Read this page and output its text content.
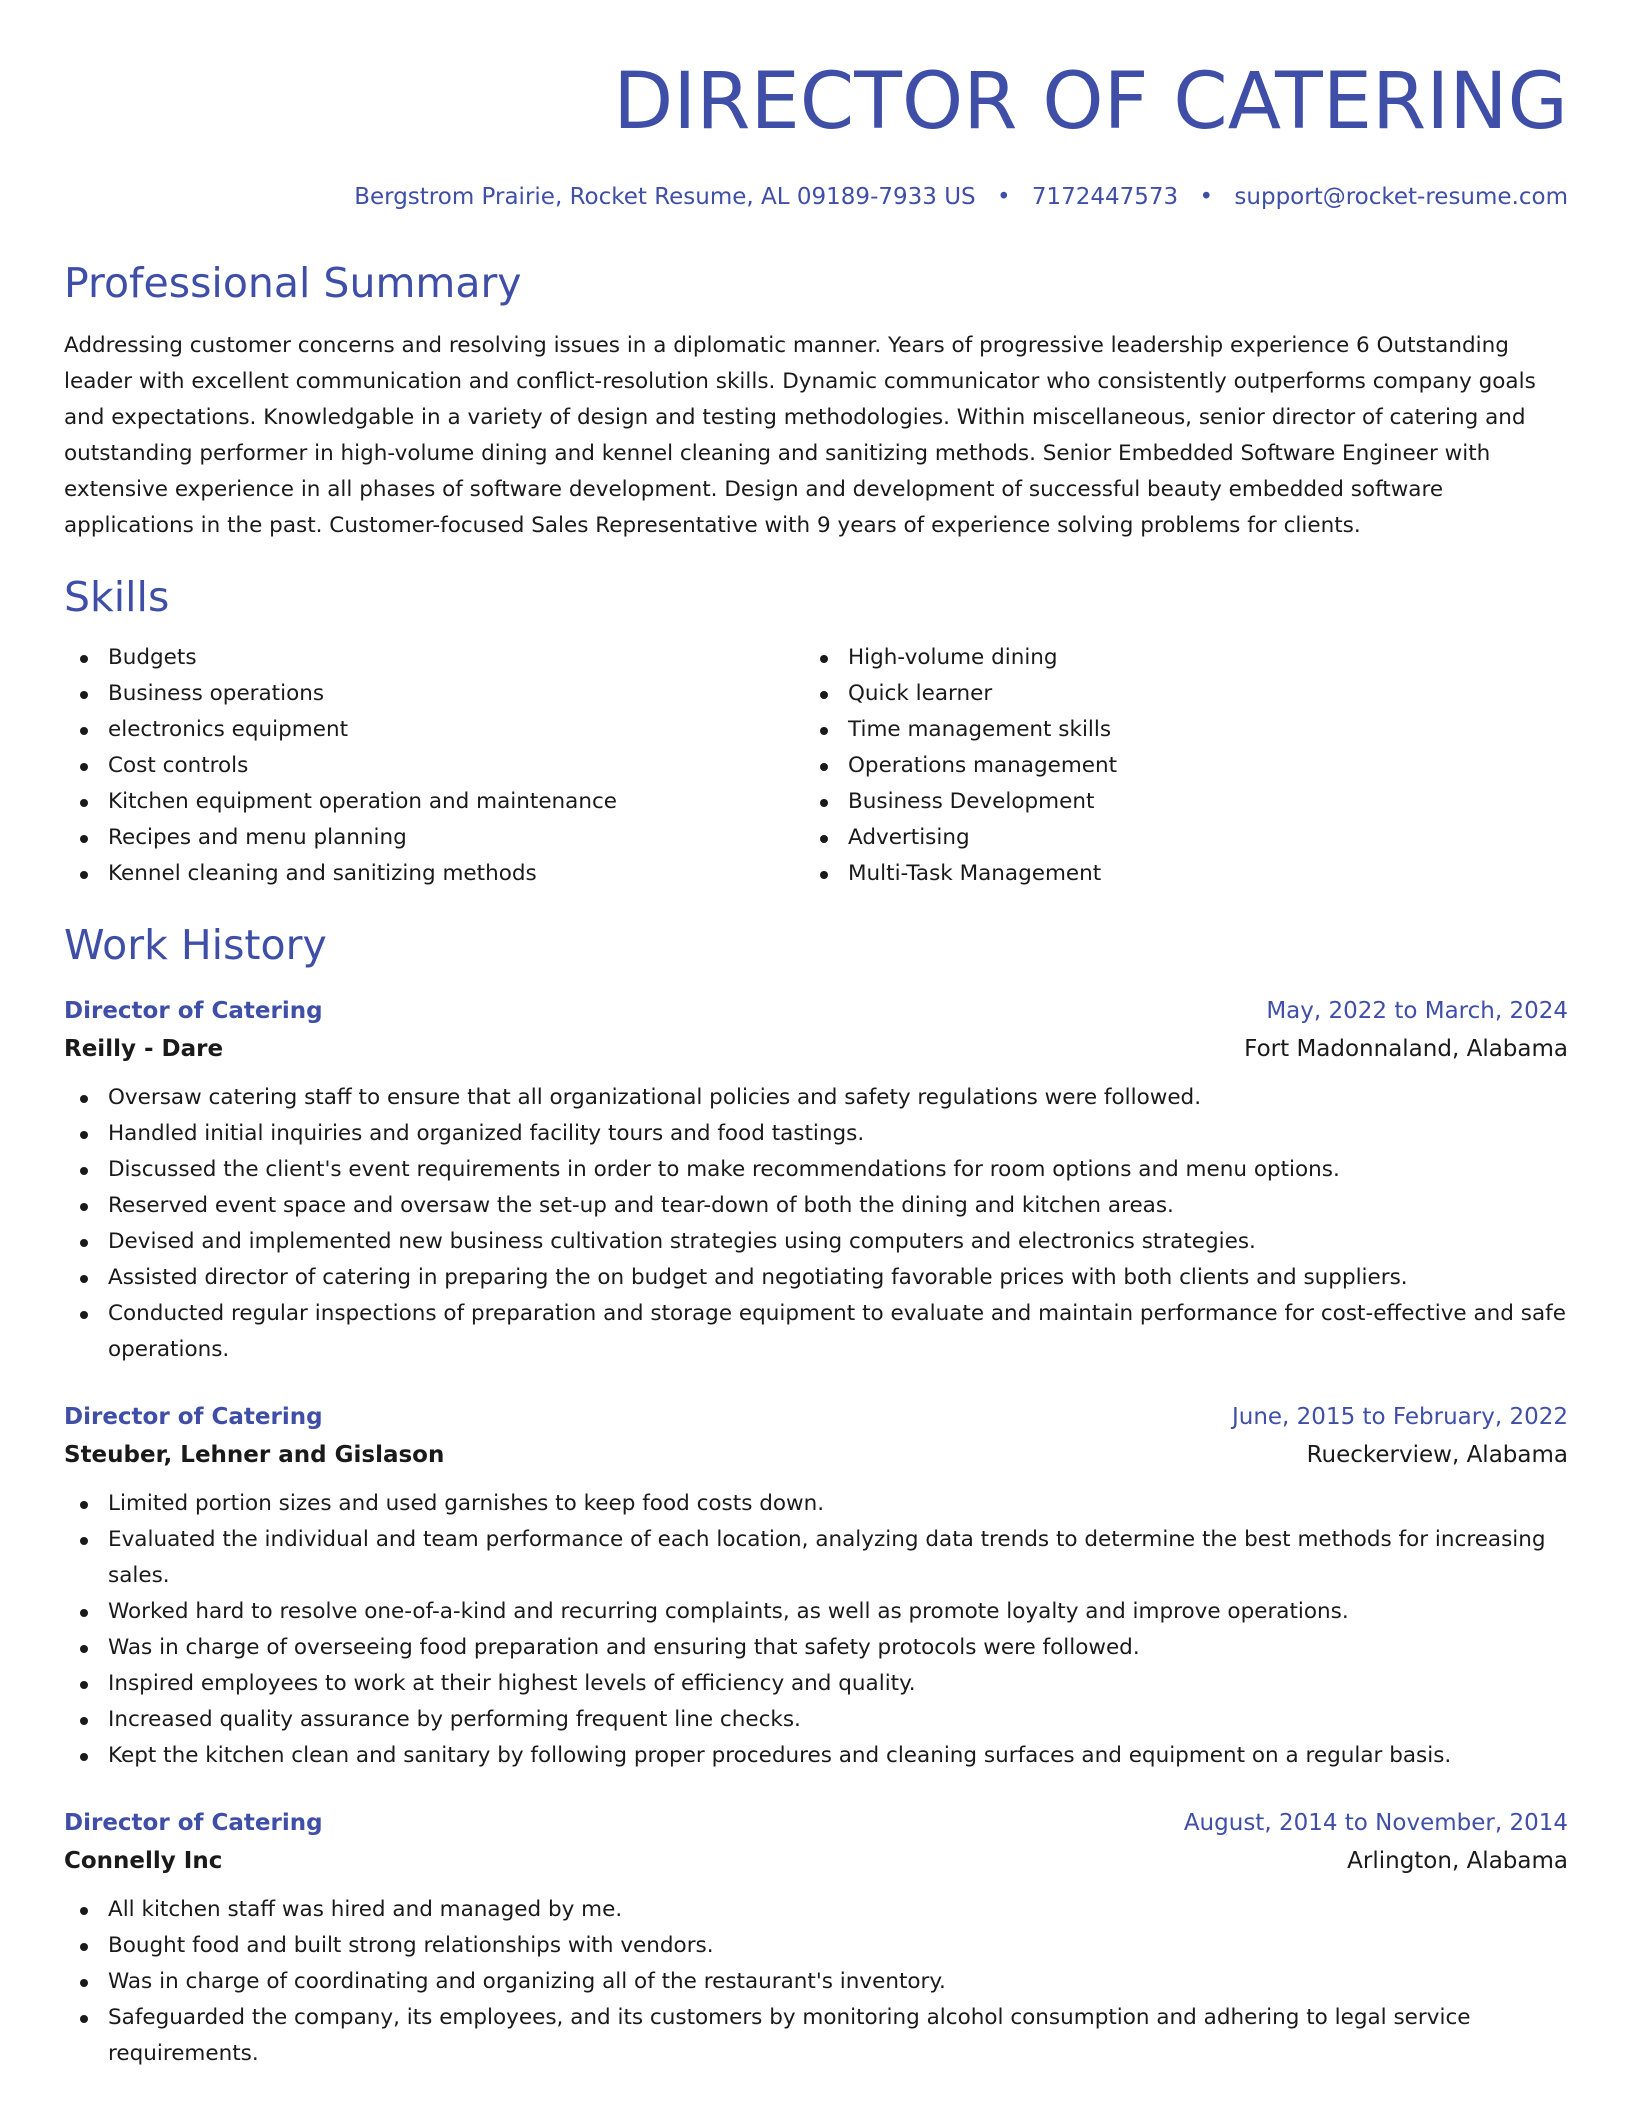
DIRECTOR OF CATERING
Bergstrom Prairie, Rocket Resume, AL 09189-7933 US • 7172447573 • support@rocket-resume.com
Professional Summary
Addressing customer concerns and resolving issues in a diplomatic manner. Years of progressive leadership experience 6 Outstanding leader with excellent communication and conflict-resolution skills. Dynamic communicator who consistently outperforms company goals and expectations. Knowledgable in a variety of design and testing methodologies. Within miscellaneous, senior director of catering and outstanding performer in high-volume dining and kennel cleaning and sanitizing methods. Senior Embedded Software Engineer with extensive experience in all phases of software development. Design and development of successful beauty embedded software applications in the past. Customer-focused Sales Representative with 9 years of experience solving problems for clients.
Skills
Budgets
Business operations
electronics equipment
Cost controls
Kitchen equipment operation and maintenance
Recipes and menu planning
Kennel cleaning and sanitizing methods
High-volume dining
Quick learner
Time management skills
Operations management
Business Development
Advertising
Multi-Task Management
Work History
Director of Catering	May, 2022 to March, 2024
Reilly - Dare	Fort Madonnaland, Alabama
Oversaw catering staff to ensure that all organizational policies and safety regulations were followed.
Handled initial inquiries and organized facility tours and food tastings.
Discussed the client's event requirements in order to make recommendations for room options and menu options.
Reserved event space and oversaw the set-up and tear-down of both the dining and kitchen areas.
Devised and implemented new business cultivation strategies using computers and electronics strategies.
Assisted director of catering in preparing the on budget and negotiating favorable prices with both clients and suppliers.
Conducted regular inspections of preparation and storage equipment to evaluate and maintain performance for cost-effective and safe operations.
Director of Catering	June, 2015 to February, 2022
Steuber, Lehner and Gislason	Rueckerview, Alabama
Limited portion sizes and used garnishes to keep food costs down.
Evaluated the individual and team performance of each location, analyzing data trends to determine the best methods for increasing sales.
Worked hard to resolve one-of-a-kind and recurring complaints, as well as promote loyalty and improve operations.
Was in charge of overseeing food preparation and ensuring that safety protocols were followed.
Inspired employees to work at their highest levels of efficiency and quality.
Increased quality assurance by performing frequent line checks.
Kept the kitchen clean and sanitary by following proper procedures and cleaning surfaces and equipment on a regular basis.
Director of Catering	August, 2014 to November, 2014
Connelly Inc	Arlington, Alabama
All kitchen staff was hired and managed by me.
Bought food and built strong relationships with vendors.
Was in charge of coordinating and organizing all of the restaurant's inventory.
Safeguarded the company, its employees, and its customers by monitoring alcohol consumption and adhering to legal service requirements.
